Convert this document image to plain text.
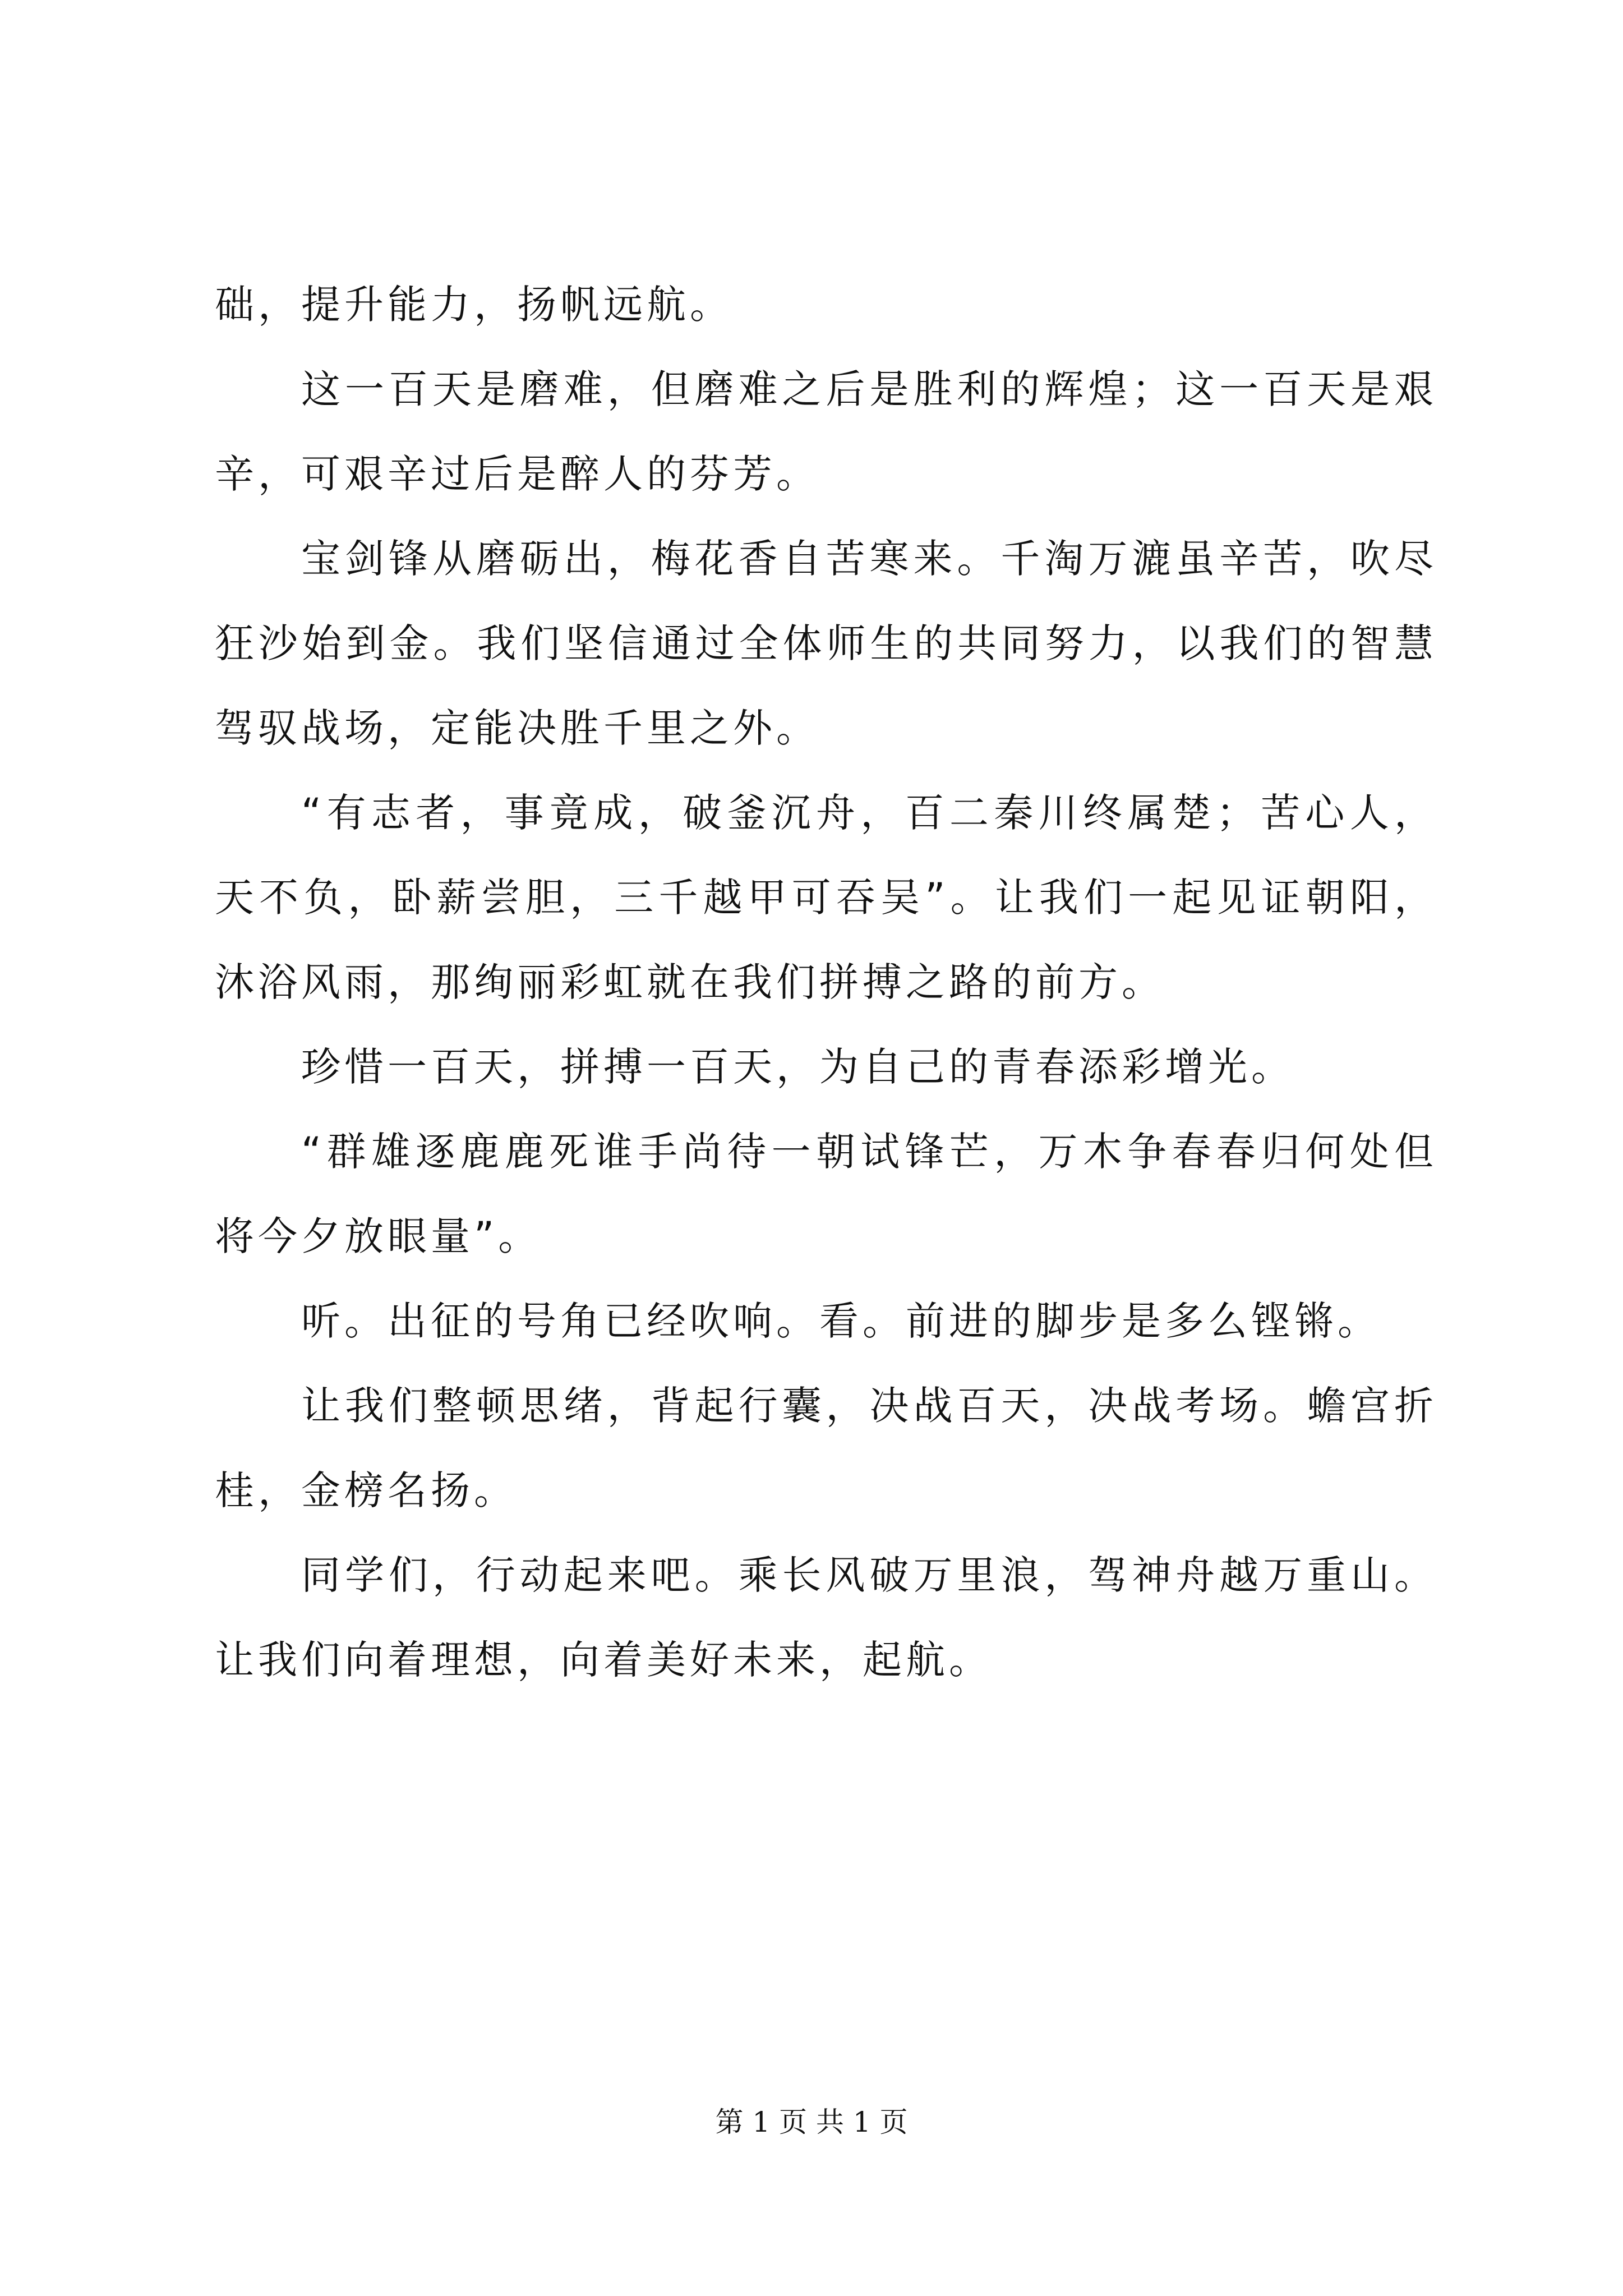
础，提升能力，扬帆远航。

这一百天是磨难，但磨难之后是胜利的辉煌；这一百天是艰辛，可艰辛过后是醉人的芬芳。

宝剑锋从磨砺出，梅花香自苦寒来。千淘万漉虽辛苦，吹尽狂沙始到金。我们坚信通过全体师生的共同努力，以我们的智慧驾驭战场，定能决胜千里之外。

“有志者，事竟成，破釜沉舟，百二秦川终属楚；苦心人，天不负，卧薪尝胆，三千越甲可吞吴”。让我们一起见证朝阳，沐浴风雨，那绚丽彩虹就在我们拼搏之路的前方。

珍惜一百天，拼搏一百天，为自己的青春添彩增光。

“群雄逐鹿鹿死谁手尚待一朝试锋芒，万木争春春归何处但将今夕放眼量”。

听。出征的号角已经吹响。看。前进的脚步是多么铿锵。

让我们整顿思绪，背起行囊，决战百天，决战考场。蟾宫折桂，金榜名扬。

同学们，行动起来吧。乘长风破万里浪，驾神舟越万重山。让我们向着理想，向着美好未来，起航。

第 1 页 共 1 页
